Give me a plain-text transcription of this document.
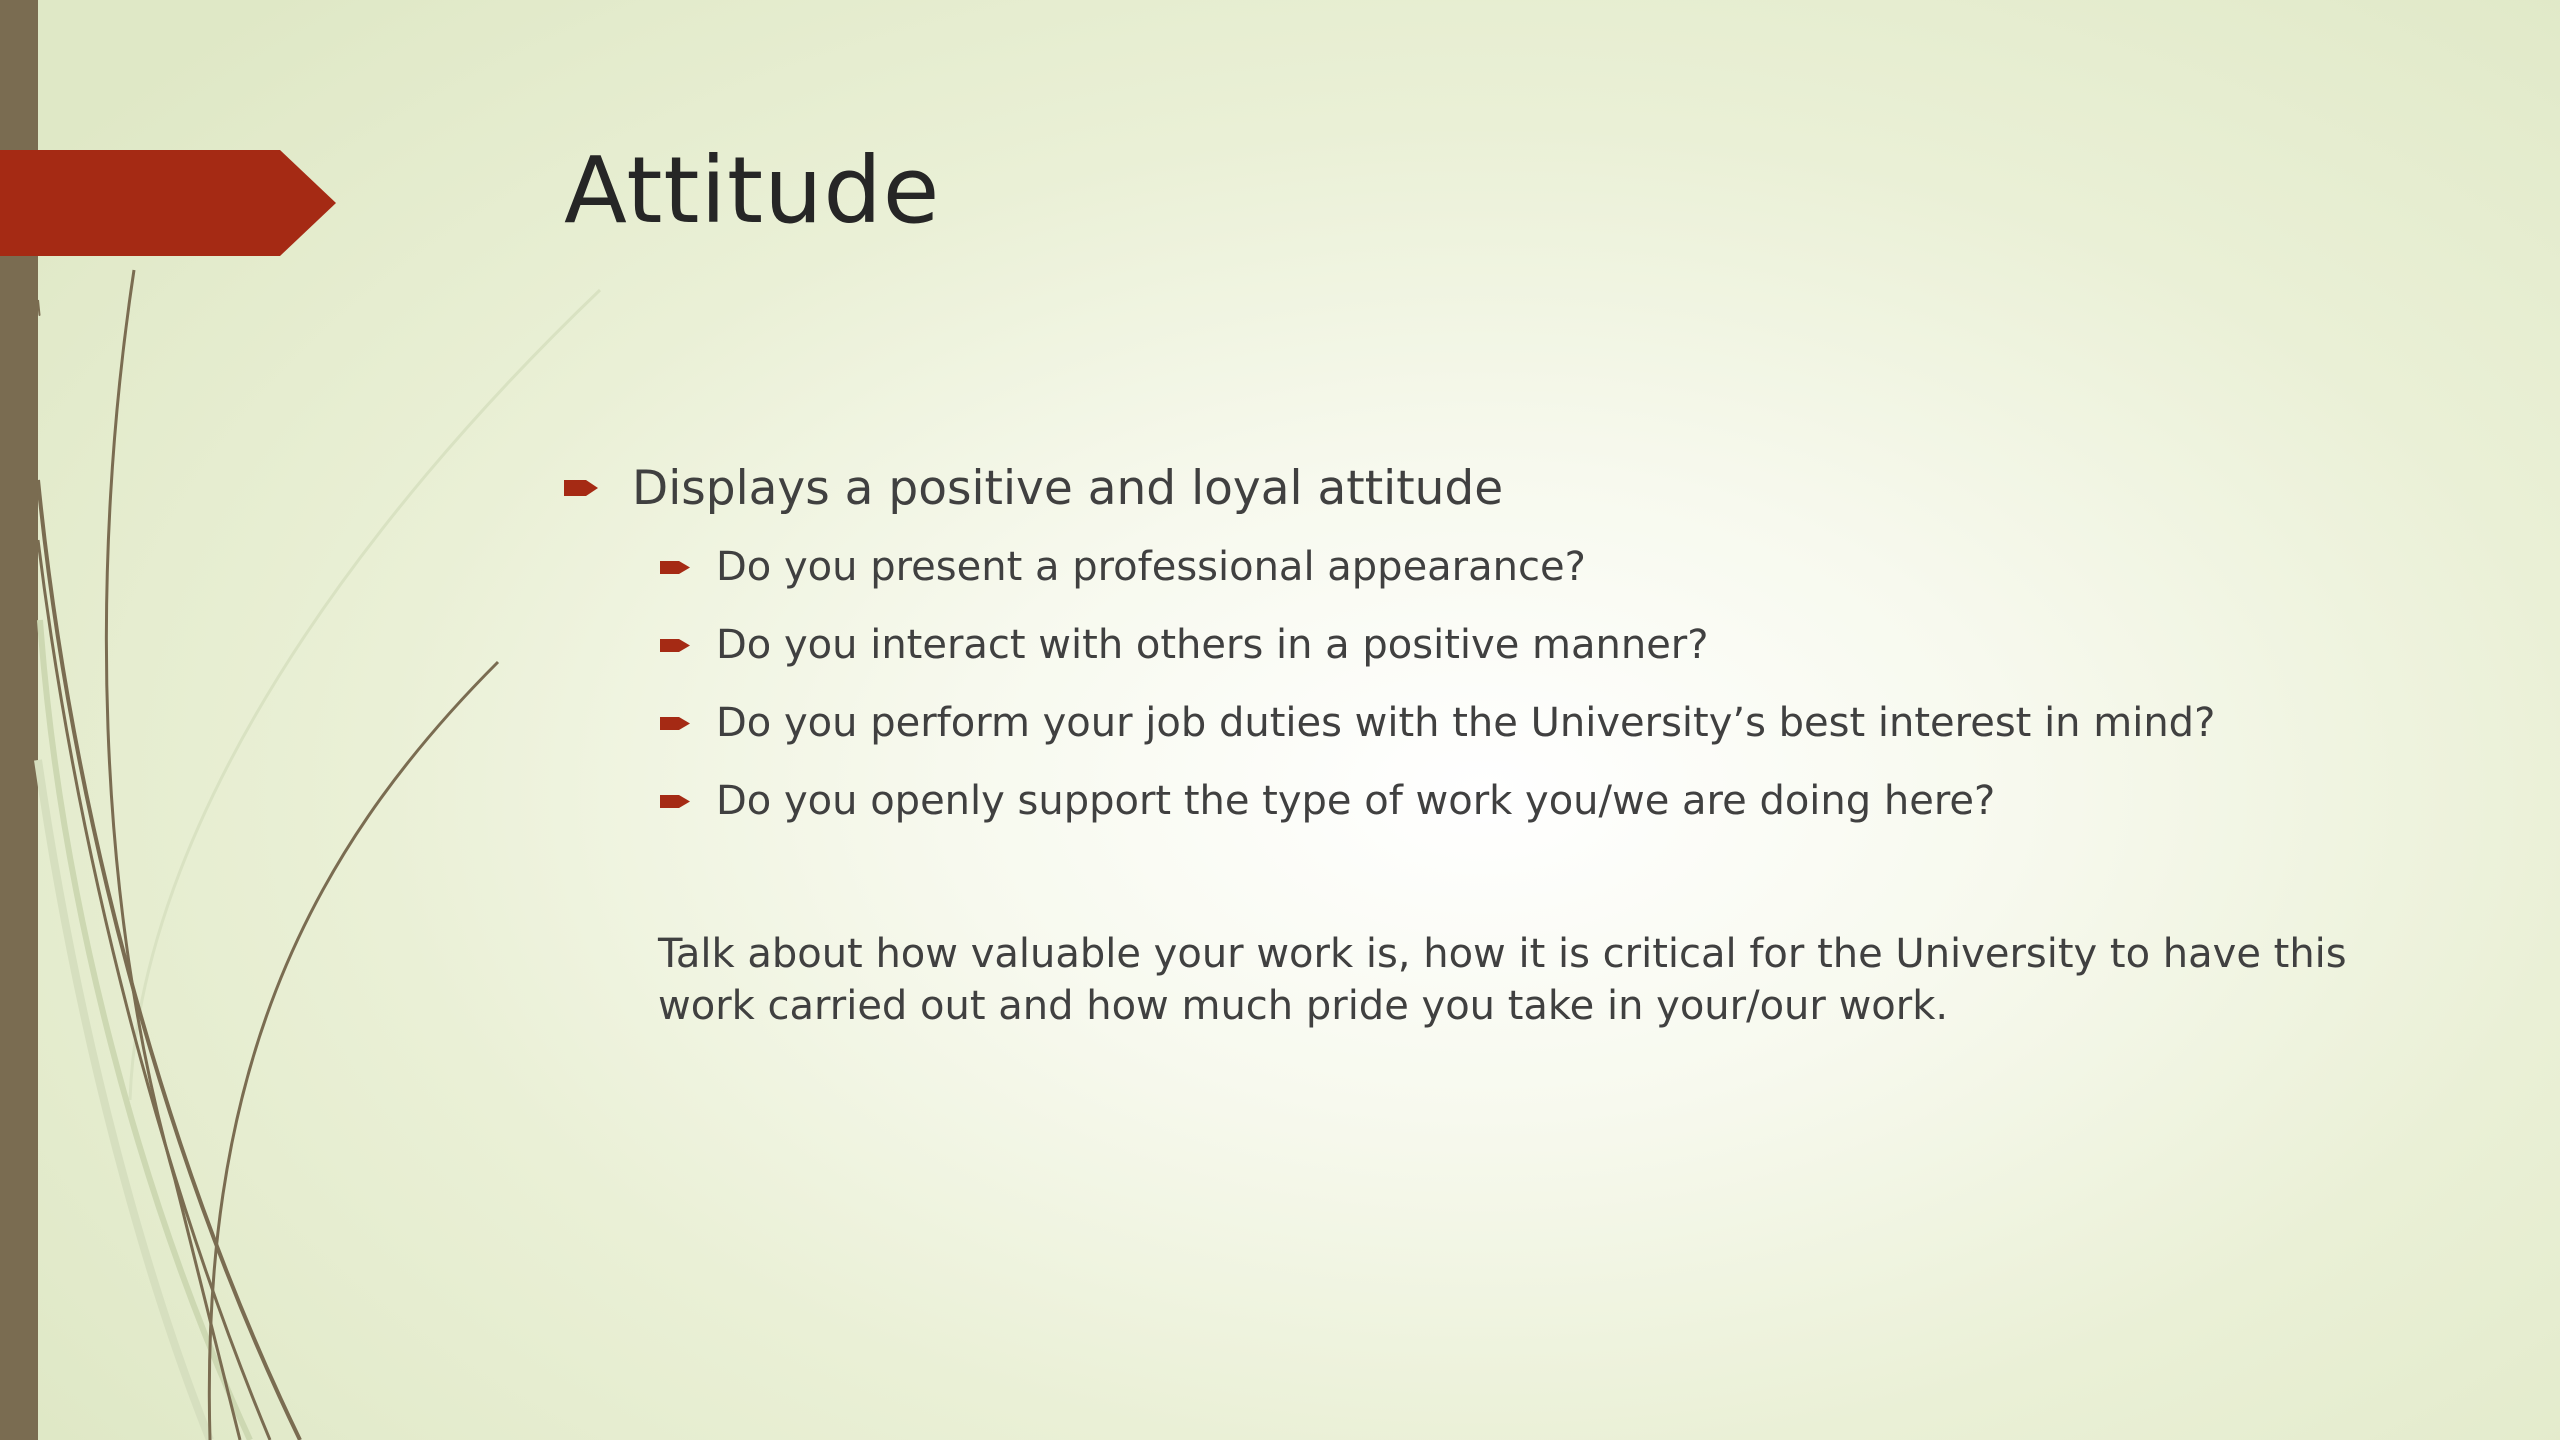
Attitude
Displays a positive and loyal attitude
Do you present a professional appearance?
Do you interact with others in a positive manner?
Do you perform your job duties with the University’s best interest in mind?
Do you openly support the type of work you/we are doing here?

Talk about how valuable your work is, how it is critical for the University to have this work carried out and how much pride you take in your/our work.
